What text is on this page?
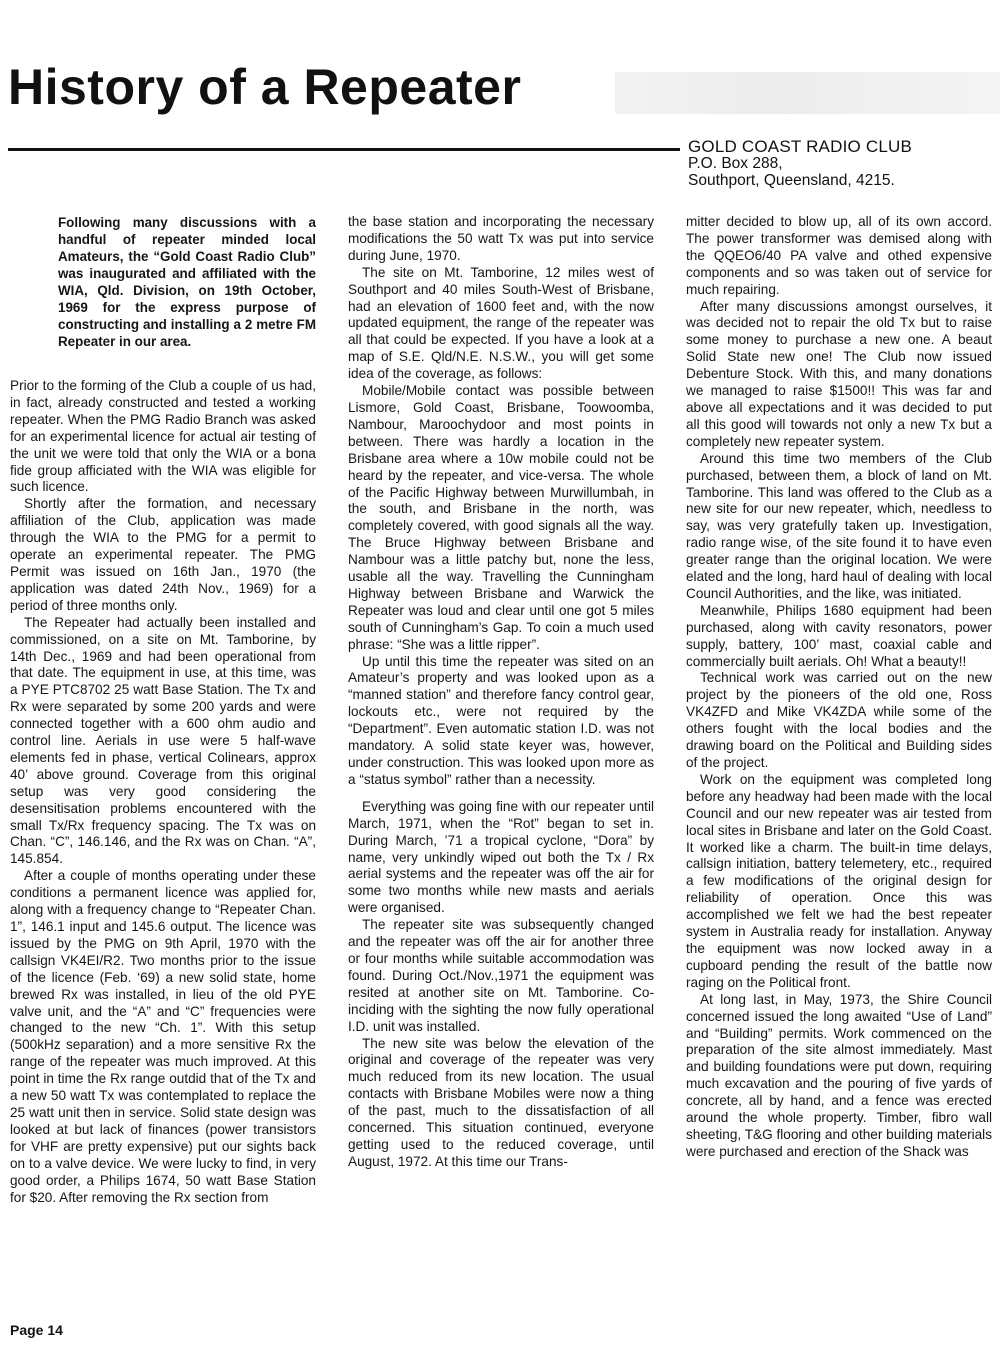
History of a Repeater
GOLD COAST RADIO CLUB
P.O. Box 288,
Southport, Queensland, 4215.

Following many discussions with a handful of repeater minded local Amateurs, the “Gold Coast Radio Club” was inaugurated and affiliated with the WIA, Qld. Division, on 19th October, 1969 for the express purpose of constructing and installing a 2 metre FM Repeater in our area.

Prior to the forming of the Club a couple of us had, in fact, already constructed and tested a working repeater. When the PMG Radio Branch was asked for an experimental licence for actual air testing of the unit we were told that only the WIA or a bona fide group afficiated with the WIA was eligible for such licence.

Shortly after the formation, and necessary affiliation of the Club, application was made through the WIA to the PMG for a permit to operate an experimental repeater. The PMG Permit was issued on 16th Jan., 1970 (the application was dated 24th Nov., 1969) for a period of three months only.

The Repeater had actually been installed and commissioned, on a site on Mt. Tamborine, by 14th Dec., 1969 and had been operational from that date. The equipment in use, at this time, was a PYE PTC8702 25 watt Base Station. The Tx and Rx were separated by some 200 yards and were connected together with a 600 ohm audio and control line. Aerials in use were 5 half-wave elements fed in phase, vertical Colinears, approx 40’ above ground. Coverage from this original setup was very good considering the desensitisation problems encountered with the small Tx/Rx frequency spacing. The Tx was on Chan. “C”, 146.146, and the Rx was on Chan. “A”, 145.854.

After a couple of months operating under these conditions a permanent licence was applied for, along with a frequency change to “Repeater Chan. 1”, 146.1 input and 145.6 output. The licence was issued by the PMG on 9th April, 1970 with the callsign VK4EI/R2. Two months prior to the issue of the licence (Feb. ‘69) a new solid state, home brewed Rx was installed, in lieu of the old PYE valve unit, and the “A” and “C” frequencies were changed to the new “Ch. 1”. With this setup (500kHz separation) and a more sensitive Rx the range of the repeater was much improved. At this point in time the Rx range outdid that of the Tx and a new 50 watt Tx was contemplated to replace the 25 watt unit then in service. Solid state design was looked at but lack of finances (power transistors for VHF are pretty expensive) put our sights back on to a valve device. We were lucky to find, in very good order, a Philips 1674, 50 watt Base Station for $20. After removing the Rx section from

the base station and incorporating the necessary modifications the 50 watt Tx was put into service during June, 1970.

The site on Mt. Tamborine, 12 miles west of Southport and 40 miles South-West of Brisbane, had an elevation of 1600 feet and, with the now updated equipment, the range of the repeater was all that could be expected. If you have a look at a map of S.E. Qld/N.E. N.S.W., you will get some idea of the coverage, as follows:

Mobile/Mobile contact was possible between Lismore, Gold Coast, Brisbane, Toowoomba, Nambour, Maroochydoor and most points in between. There was hardly a location in the Brisbane area where a 10w mobile could not be heard by the repeater, and vice-versa. The whole of the Pacific Highway between Murwillumbah, in the south, and Brisbane in the north, was completely covered, with good signals all the way. The Bruce Highway between Brisbane and Nambour was a little patchy but, none the less, usable all the way. Travelling the Cunningham Highway between Brisbane and Warwick the Repeater was loud and clear until one got 5 miles south of Cunningham’s Gap. To coin a much used phrase: “She was a little ripper”.

Up until this time the repeater was sited on an Amateur’s property and was looked upon as a “manned station” and therefore fancy control gear, lockouts etc., were not required by the “Department”. Even automatic station I.D. was not mandatory. A solid state keyer was, however, under construction. This was looked upon more as a “status symbol” rather than a necessity.

Everything was going fine with our repeater until March, 1971, when the “Rot” began to set in. During March, ’71 a tropical cyclone, “Dora” by name, very unkindly wiped out both the Tx / Rx aerial systems and the repeater was off the air for some two months while new masts and aerials were organised.

The repeater site was subsequently changed and the repeater was off the air for another three or four months while suitable accommodation was found. During Oct./Nov.,1971 the equipment was resited at another site on Mt. Tamborine. Co-inciding with the sighting the now fully operational I.D. unit was installed.

The new site was below the elevation of the original and coverage of the repeater was very much reduced from its new location. The usual contacts with Brisbane Mobiles were now a thing of the past, much to the dissatisfaction of all concerned. This situation continued, everyone getting used to the reduced coverage, until August, 1972. At this time our Trans-

mitter decided to blow up, all of its own accord. The power transformer was demised along with the QQEO6/40 PA valve and othed expensive components and so was taken out of service for much repairing.

After many discussions amongst ourselves, it was decided not to repair the old Tx but to raise some money to purchase a new one. A beaut Solid State new one! The Club now issued Debenture Stock. With this, and many donations we managed to raise $1500!! This was far and above all expectations and it was decided to put all this good will towards not only a new Tx but a completely new repeater system.

Around this time two members of the Club purchased, between them, a block of land on Mt. Tamborine. This land was offered to the Club as a new site for our new repeater, which, needless to say, was very gratefully taken up. Investigation, radio range wise, of the site found it to have even greater range than the original location. We were elated and the long, hard haul of dealing with local Council Authorities, and the like, was initiated.

Meanwhile, Philips 1680 equipment had been purchased, along with cavity resonators, power supply, battery, 100’ mast, coaxial cable and commercially built aerials. Oh! What a beauty!!

Technical work was carried out on the new project by the pioneers of the old one, Ross VK4ZFD and Mike VK4ZDA while some of the others fought with the local bodies and the drawing board on the Political and Building sides of the project.

Work on the equipment was completed long before any headway had been made with the local Council and our new repeater was air tested from local sites in Brisbane and later on the Gold Coast. It worked like a charm. The built-in time delays, callsign initiation, battery telemetery, etc., required a few modifications of the original design for reliability of operation. Once this was accomplished we felt we had the best repeater system in Australia ready for installation. Anyway the equipment was now locked away in a cupboard pending the result of the battle now raging on the Political front.

At long last, in May, 1973, the Shire Council concerned issued the long awaited “Use of Land” and “Building” permits. Work commenced on the preparation of the site almost immediately. Mast and building foundations were put down, requiring much excavation and the pouring of five yards of concrete, all by hand, and a fence was erected around the whole property. Timber, fibro wall sheeting, T&G flooring and other building materials were purchased and erection of the Shack was

Page 14
